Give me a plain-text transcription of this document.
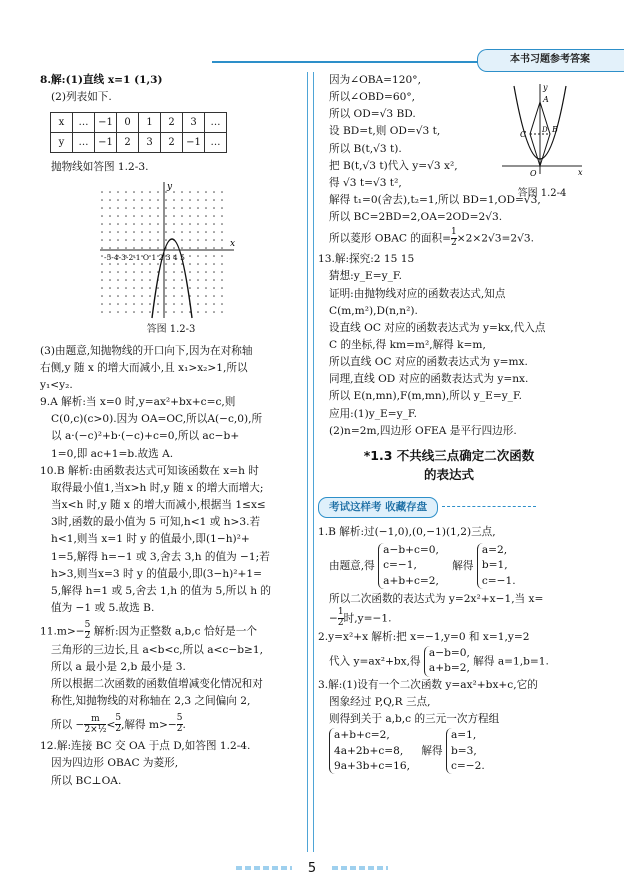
本书习题参考答案

8.解:(1)直线 x=1 (1,3)

(2)列表如下.

x	…	−1	0	1	2	3	…
y	…	−1	2	3	2	−1	…

抛物线如答图 1.2-3.

x
y
-5-4-3-2-1 O 1 2 3 4 5

答图 1.2-3

(3)由题意,知抛物线的开口向下,因为在对称轴

右侧,y 随 x 的增大而减小,且 x₁>x₂>1,所以

y₁<y₂.

9.A 解析:当 x=0 时,y=ax²+bx+c=c,则

C(0,c)(c>0).因为 OA=OC,所以A(−c,0),所

以 a·(−c)²+b·(−c)+c=0,所以 ac−b+

1=0,即 ac+1=b.故选 A.

10.B 解析:由函数表达式可知该函数在 x=h 时

取得最小值1,当x>h 时,y 随 x 的增大而增大;

当x<h 时,y 随 x 的增大而减小,根据当 1≤x≤

3时,函数的最小值为 5 可知,h<1 或 h>3.若

h<1,则当 x=1 时 y 的值最小,即(1−h)²+

1=5,解得 h=−1 或 3,舍去 3,h 的值为 −1;若

h>3,则当x=3 时 y 的值最小,即(3−h)²+1=

5,解得 h=1 或 5,舍去 1,h 的值为 5,所以 h 的

值为 −1 或 5.故选 B.

$11.m>- \frac{5}{2}$ 解析:因为正整数 a,b,c 恰好是一个

三角形的三边长,且 a<b<c,所以 a<c−b≥1,

所以 a 最小是 2,b 最小是 3.

所以根据二次函数的函数值增减变化情况和对

称性,知抛物线的对称轴在 2,3 之间偏向 2,

所以 − $\frac{m}{\text{2×½}} < \frac{5}{2}$ ,解得 $m>- \frac{5}{2}$ .

12.解:连接 BC 交 OA 于点 D,如答图 1.2-4.

因为四边形 OBAC 为菱形,

所以 BC⊥OA.

A
B
C D
O	x
y

答图 1.2-4

因为∠OBA=120°,

所以∠OBD=60°,

所以 OD=√3 BD.

设 BD=t,则 OD=√3 t,

所以 B(t,√3 t).

把 B(t,√3 t)代入 y=√3 x²,

得 √3 t=√3 t²,

解得 t₁=0(舍去),t₂=1,所以 BD=1,OD=√3,

所以 BC=2BD=2,OA=2OD=2√3.

所以菱形 OBAC 的面积= $\frac{1}{2} \times 2\times 2√3=2√3$.

13.解:探究:2 15 15

猜想:y_E=y_F.

证明:由抛物线对应的函数表达式,知点

C(m,m²),D(n,n²).

设直线 OC 对应的函数表达式为 y=kx,代入点

C 的坐标,得 km=m²,解得 k=m,

所以直线 OC 对应的函数表达式为 y=mx.

同理,直线 OD 对应的函数表达式为 y=nx.

所以 E(n,mn),F(m,mn),所以 y_E=y_F.

应用:(1)y_E=y_F.

(2)n=2m,四边形 OFEA 是平行四边形.

*1.3 不共线三点确定二次函数
的表达式
考试这样考 收藏存盘

1.B 解析:过(−1,0),(0,−1)(1,2)三点,

由题意,得
a−b+c=0,
c=−1,
a+b+c=2,
解得
a=2,
b=1,
c=−1.

所以二次函数的表达式为 y=2x²+x−1,当 x=

− $\frac{1}{2}$ 时,y=−1.

2.y=x²+x 解析:把 x=−1,y=0 和 x=1,y=2

代入 y=ax²+bx,得
a−b=0,
a+b=2,
解得 a=1,b=1.

3.解:(1)设有一个二次函数 y=ax²+bx+c,它的

图象经过 P,Q,R 三点,

则得到关于 a,b,c 的三元一次方程组

a+b+c=2,
4a+2b+c=8,
9a+3b+c=16,
解得
a=1,
b=3,
c=−2.
5
